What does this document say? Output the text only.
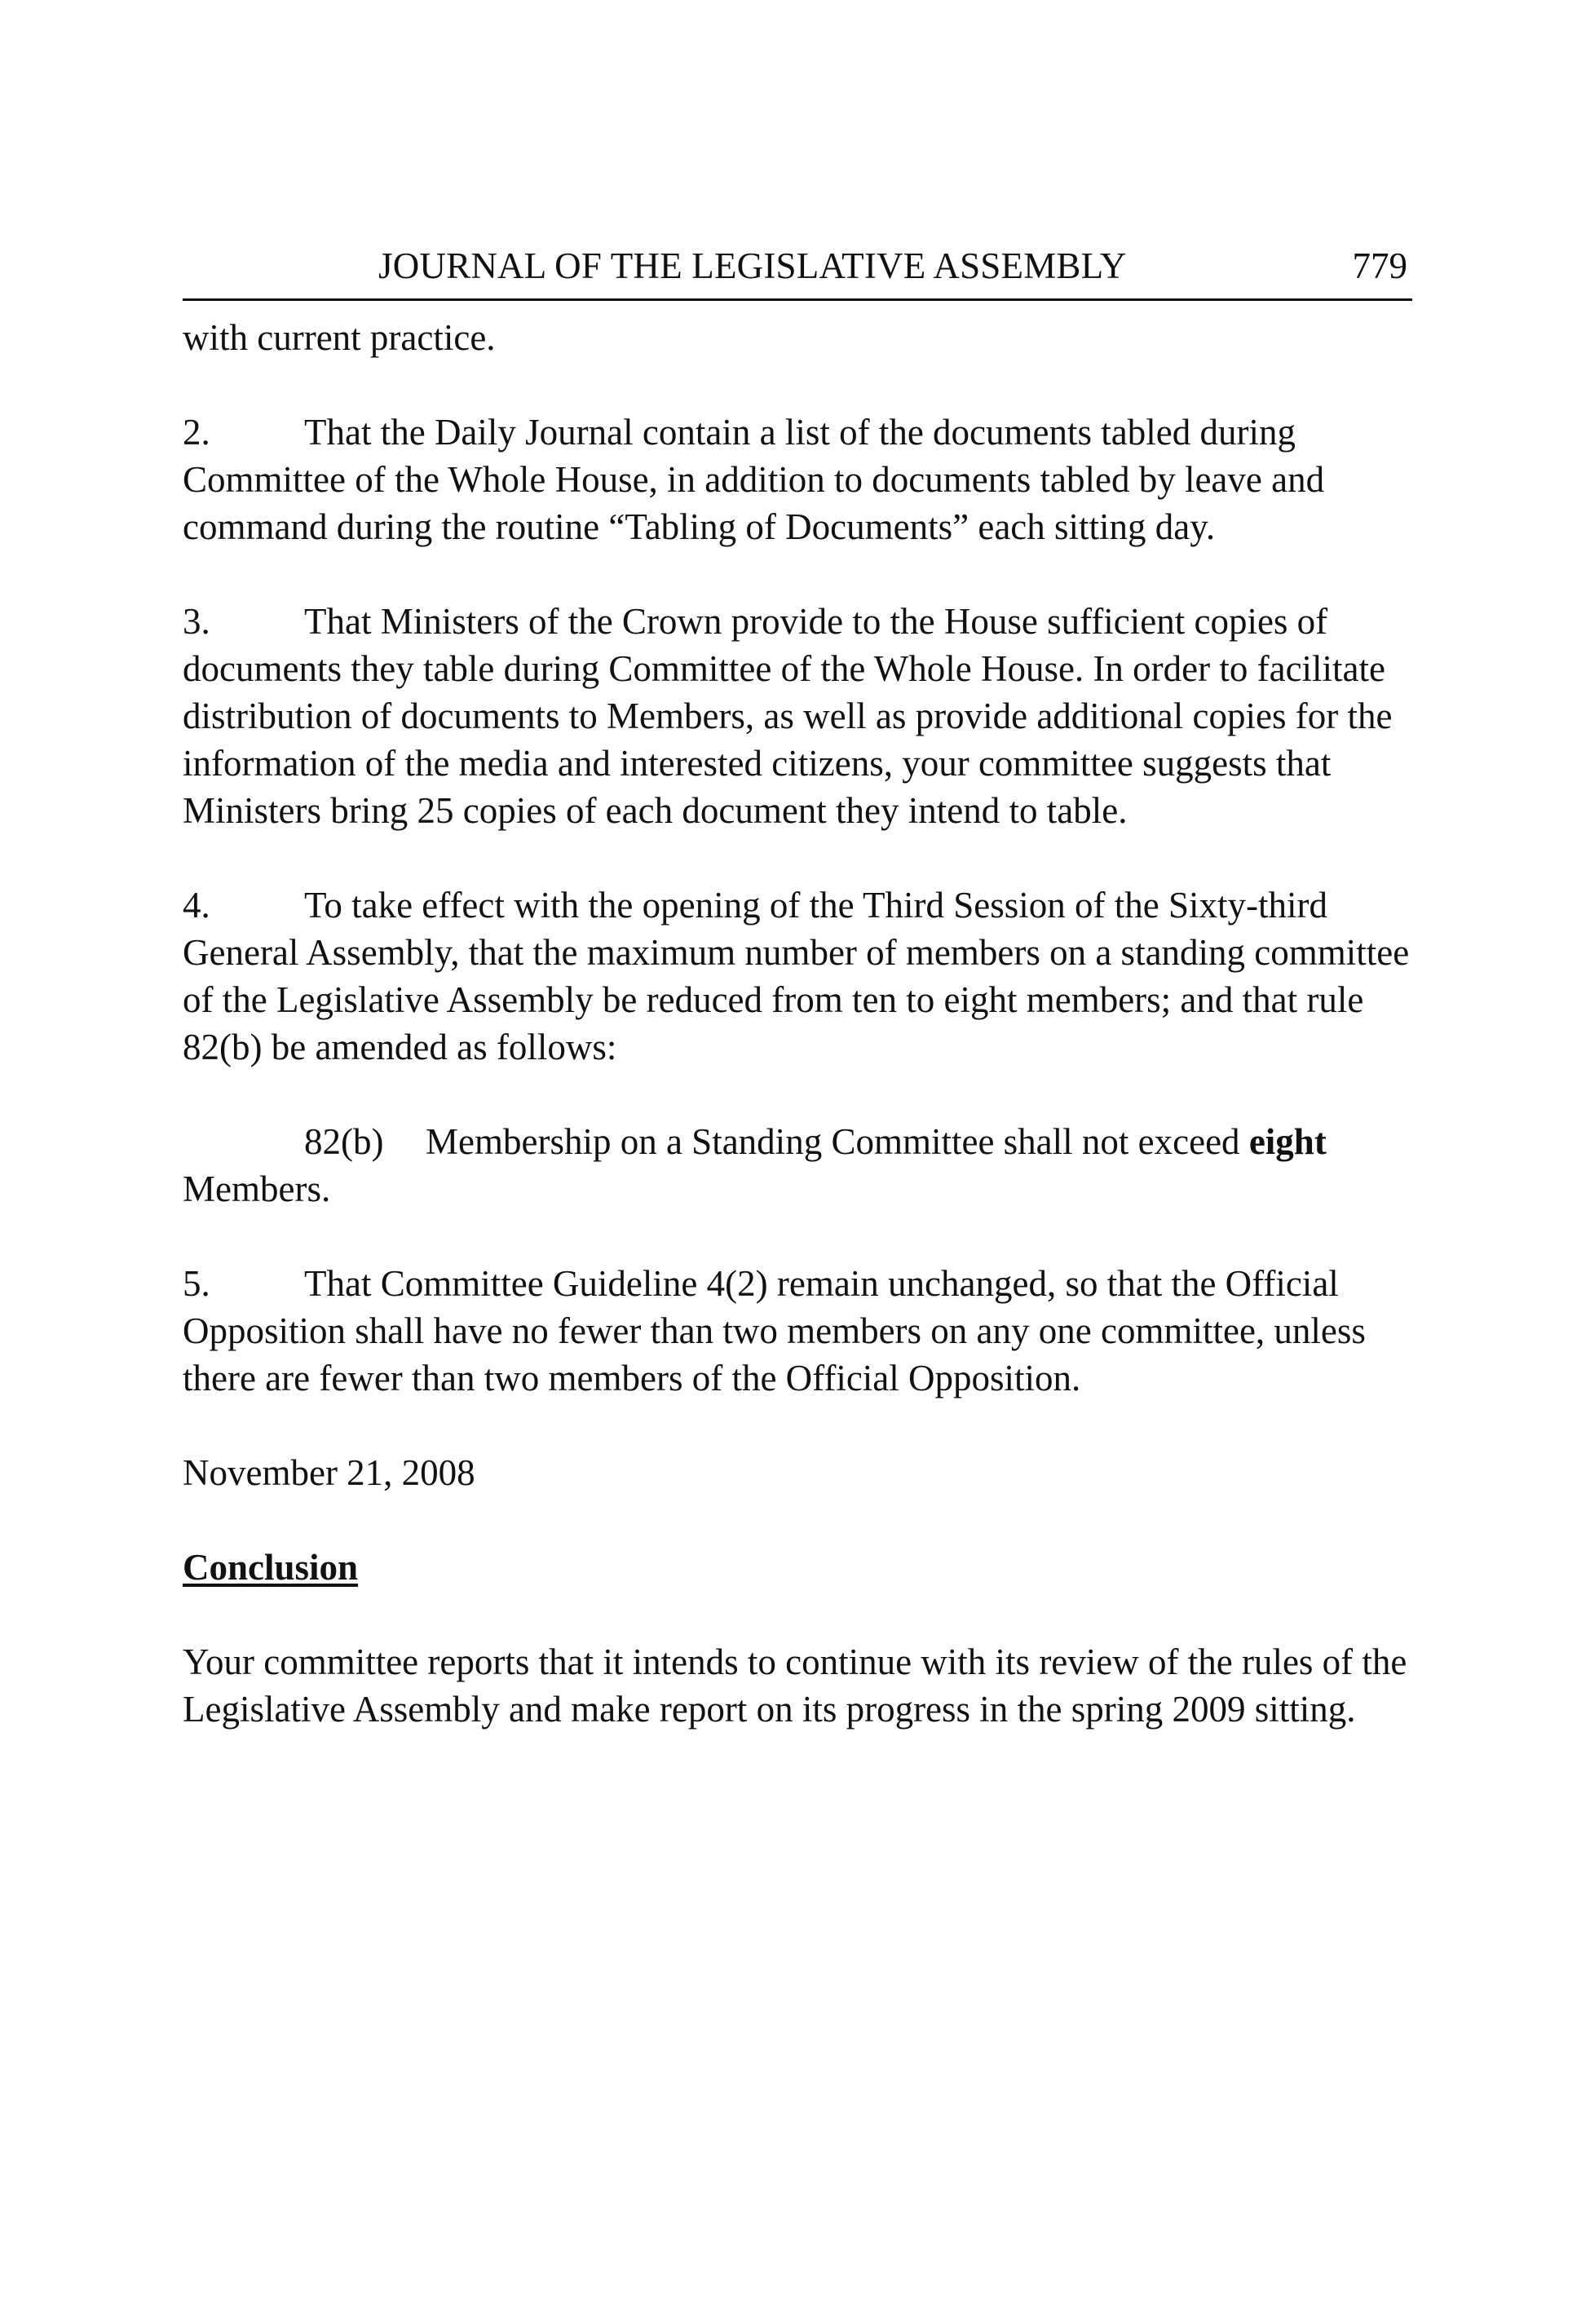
JOURNAL OF THE LEGISLATIVE ASSEMBLY	779

with current practice.

2.	That the Daily Journal contain a list of the documents tabled during Committee of the Whole House, in addition to documents tabled by leave and command during the routine “Tabling of Documents” each sitting day.

3.	That Ministers of the Crown provide to the House sufficient copies of documents they table during Committee of the Whole House. In order to facilitate distribution of documents to Members, as well as provide additional copies for the information of the media and interested citizens, your committee suggests that Ministers bring 25 copies of each document they intend to table.

4.	To take effect with the opening of the Third Session of the Sixty-third General Assembly, that the maximum number of members on a standing committee of the Legislative Assembly be reduced from ten to eight members; and that rule 82(b) be amended as follows:

82(b) Membership on a Standing Committee shall not exceed eight Members.

5.	That Committee Guideline 4(2) remain unchanged, so that the Official Opposition shall have no fewer than two members on any one committee, unless there are fewer than two members of the Official Opposition.

November 21, 2008

Conclusion

Your committee reports that it intends to continue with its review of the rules of the Legislative Assembly and make report on its progress in the spring 2009 sitting.
